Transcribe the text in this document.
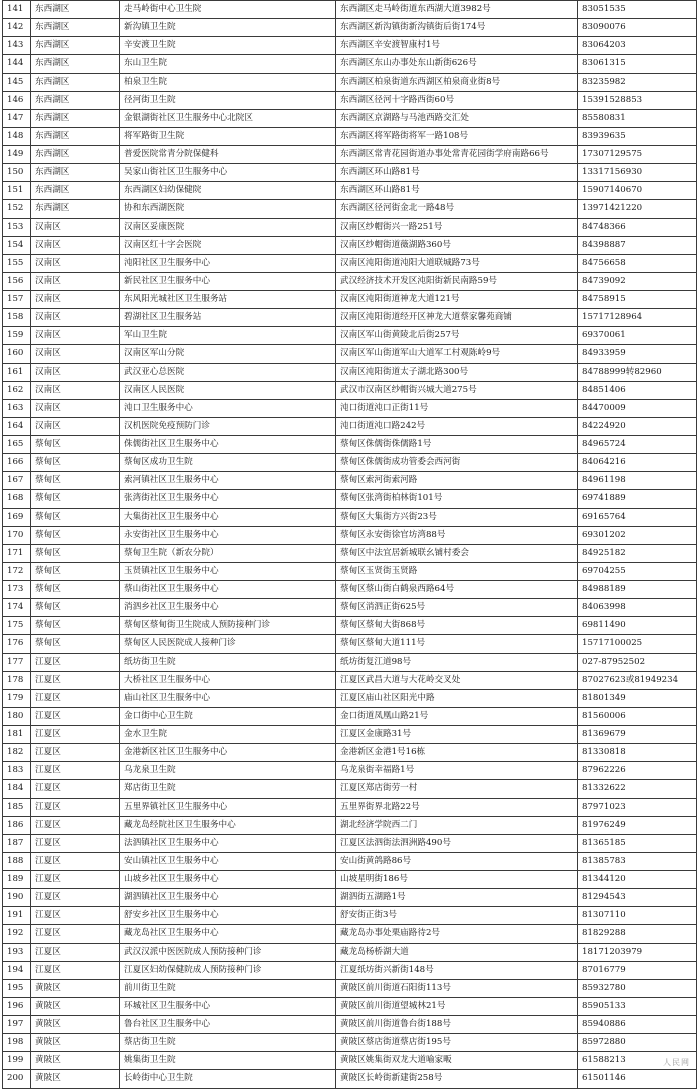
141	东西湖区	走马岭街中心卫生院	东西湖区走马岭街道东西湖大道3982号	83051535
142	东西湖区	新沟镇卫生院	东西湖区新沟镇街新沟镇街后街174号	83090076
143	东西湖区	辛安渡卫生院	东西湖区辛安渡智康村1号	83064203
144	东西湖区	东山卫生院	东西湖区东山办事处东山新街626号	83061315
145	东西湖区	柏泉卫生院	东西湖区柏泉街道东西湖区柏泉商业街8号	83235982
146	东西湖区	径河街卫生院	东西湖区径河十字路西街60号	15391528853
147	东西湖区	金银湖街社区卫生服务中心北院区	东西湖区京湖路与马池西路交汇处	85580831
148	东西湖区	将军路街卫生院	东西湖区将军路街将军一路108号	83939635
149	东西湖区	普爱医院常青分院保健科	东西湖区常青花园街道办事处常青花园街学府南路66号	17307129575
150	东西湖区	吴家山街社区卫生服务中心	东西湖区环山路81号	13317156930
151	东西湖区	东西湖区妇幼保健院	东西湖区环山路81号	15907140670
152	东西湖区	协和东西湖医院	东西湖区径河街金北一路48号	13971421220
153	汉南区	汉南区妥康医院	汉南区纱帽街兴一路251号	84748366
154	汉南区	汉南区红十字会医院	汉南区纱帽街道薇湖路360号	84398887
155	汉南区	沌阳社区卫生服务中心	汉南区沌阳街道沌阳大道联城路73号	84756658
156	汉南区	新民社区卫生服务中心	武汉经济技术开发区沌阳街新民南路59号	84739092
157	汉南区	东风阳光城社区卫生服务站	汉南区沌阳街道神龙大道121号	84758915
158	汉南区	碧湖社区卫生服务站	汉南区沌阳街道经开区神龙大道蔡家馨苑商铺	15717128964
159	汉南区	军山卫生院	汉南区军山街黄陵北后街257号	69370061
160	汉南区	汉南区军山分院	汉南区军山街道军山大道军工村观陈岭9号	84933959
161	汉南区	武汉亚心总医院	汉南区沌阳街道太子湖北路300号	84788999转82960
162	汉南区	汉南区人民医院	武汉市汉南区纱帽街兴城大道275号	84851406
163	汉南区	沌口卫生服务中心	沌口街道沌口正街11号	84470009
164	汉南区	汉机医院免疫预防门诊	沌口街道沌口路242号	84224920
165	蔡甸区	侏儒街社区卫生服务中心	蔡甸区侏儒街侏儒路1号	84965724
166	蔡甸区	蔡甸区成功卫生院	蔡甸区侏儒街成功管委会西河街	84064216
167	蔡甸区	索河镇社区卫生服务中心	蔡甸区索河街索河路	84961198
168	蔡甸区	张湾街社区卫生服务中心	蔡甸区张湾街柏林街101号	69741889
169	蔡甸区	大集街社区卫生服务中心	蔡甸区大集街方兴街23号	69165764
170	蔡甸区	永安街社区卫生服务中心	蔡甸区永安街徐官坊湾88号	69301202
171	蔡甸区	蔡甸卫生院（新农分院）	蔡甸区中法宜居新城联幺铺村委会	84925182
172	蔡甸区	玉贤镇社区卫生服务中心	蔡甸区玉贤街玉贤路	69704255
173	蔡甸区	蔡山街社区卫生服务中心	蔡甸区蔡山街白鹤泉西路64号	84988189
174	蔡甸区	消泗乡社区卫生服务中心	蔡甸区消泗正街625号	84063998
175	蔡甸区	蔡甸区蔡甸街卫生院成人预防接种门诊	蔡甸区蔡甸大街868号	69811490
176	蔡甸区	蔡甸区人民医院成人接种门诊	蔡甸区蔡甸大道111号	15717100025
177	江夏区	纸坊街卫生院	纸坊街复江道98号	027-87952502
178	江夏区	大桥社区卫生服务中心	江夏区武昌大道与大花岭交叉处	87027623或81949234
179	江夏区	庙山社区卫生服务中心	江夏区庙山社区阳光中路	81801349
180	江夏区	金口街中心卫生院	金口街道凤凰山路21号	81560006
181	江夏区	金水卫生院	江夏区金康路31号	81369679
182	江夏区	金港新区社区卫生服务中心	金港新区金港1号16栋	81330818
183	江夏区	乌龙泉卫生院	乌龙泉街幸福路1号	87962226
184	江夏区	郑店街卫生院	江夏区郑店街劳一村	81332622
185	江夏区	五里界镇社区卫生服务中心	五里界街界北路22号	87971023
186	江夏区	藏龙岛经院社区卫生服务中心	湖北经济学院西二门	81976249
187	江夏区	法泗镇社区卫生服务中心	江夏区法泗街法泗洲路490号	81365185
188	江夏区	安山镇社区卫生服务中心	安山街黄鸽路86号	81385783
189	江夏区	山坡乡社区卫生服务中心	山坡星明街186号	81344120
190	江夏区	湖泗镇社区卫生服务中心	湖泗街五湖路1号	81294543
191	江夏区	舒安乡社区卫生服务中心	舒安街正街3号	81307110
192	江夏区	藏龙岛社区卫生服务中心	藏龙岛办事处栗庙路待2号	81829288
193	江夏区	武汉汉派中医医院成人预防接种门诊	藏龙岛杨桥湖大道	18171203979
194	江夏区	江夏区妇幼保健院成人预防接种门诊	江夏纸坊街兴新街148号	87016779
195	黄陂区	前川街卫生院	黄陂区前川街道石阳街113号	85932780
196	黄陂区	环城社区卫生服务中心	黄陂区前川街道望城林21号	85905133
197	黄陂区	鲁台社区卫生服务中心	黄陂区前川街道鲁台街188号	85940886
198	黄陂区	蔡店街卫生院	黄陂区蔡店街道蔡店街195号	85972880
199	黄陂区	姚集街卫生院	黄陂区姚集街双龙大道喻家畈	61588213
200	黄陂区	长岭街中心卫生院	黄陂区长岭街新建街258号	61501146
人民网
